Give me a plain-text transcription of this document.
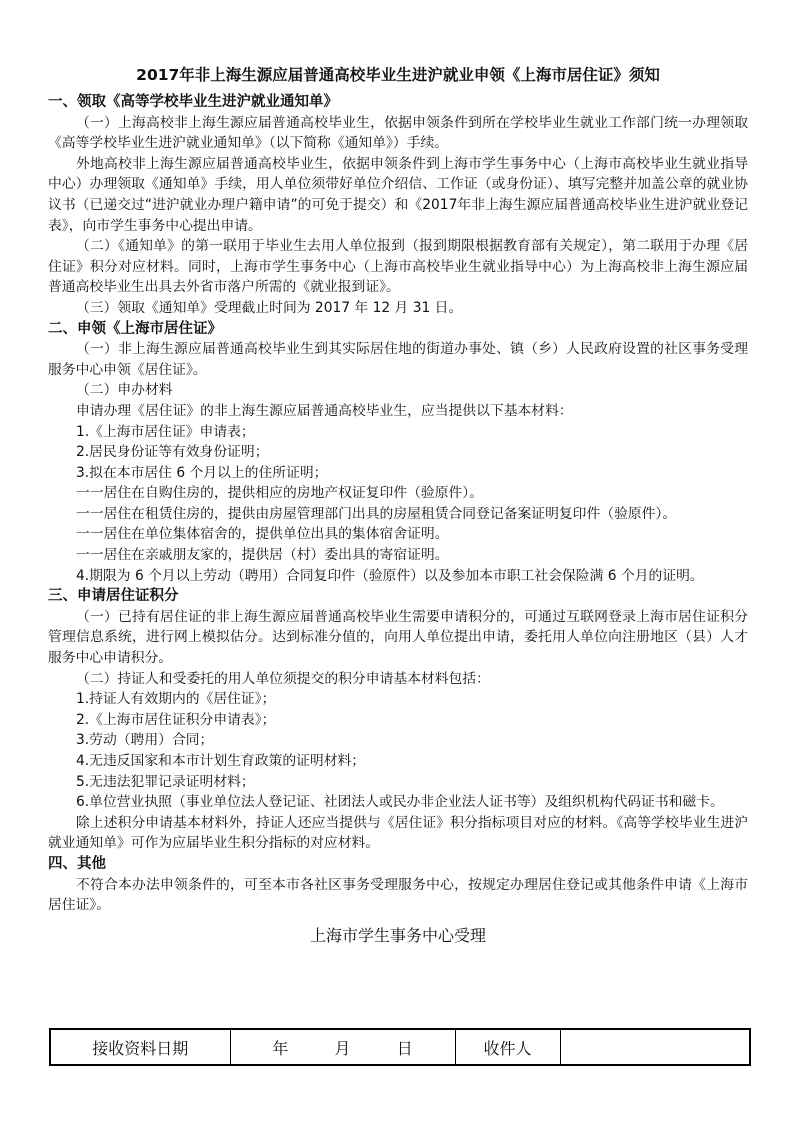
2017年非上海生源应届普通高校毕业生进沪就业申领《上海市居住证》须知
一、领取《高等学校毕业生进沪就业通知单》

（一）上海高校非上海生源应届普通高校毕业生，依据申领条件到所在学校毕业生就业工作部门统一办理领取《高等学校毕业生进沪就业通知单》（以下简称《通知单》）手续。

外地高校非上海生源应届普通高校毕业生，依据申领条件到上海市学生事务中心（上海市高校毕业生就业指导中心）办理领取《通知单》手续，用人单位须带好单位介绍信、工作证（或身份证）、填写完整并加盖公章的就业协议书（已递交过“进沪就业办理户籍申请”的可免于提交）和《2017年非上海生源应届普通高校毕业生进沪就业登记表》，向市学生事务中心提出申请。

（二）《通知单》的第一联用于毕业生去用人单位报到（报到期限根据教育部有关规定），第二联用于办理《居住证》积分对应材料。同时，上海市学生事务中心（上海市高校毕业生就业指导中心）为上海高校非上海生源应届普通高校毕业生出具去外省市落户所需的《就业报到证》。

（三）领取《通知单》受理截止时间为 2017 年 12 月 31 日。

二、申领《上海市居住证》

（一）非上海生源应届普通高校毕业生到其实际居住地的街道办事处、镇（乡）人民政府设置的社区事务受理服务中心申领《居住证》。

（二）申办材料

申请办理《居住证》的非上海生源应届普通高校毕业生，应当提供以下基本材料：

1.《上海市居住证》申请表；

2.居民身份证等有效身份证明；

3.拟在本市居住 6 个月以上的住所证明；

一一居住在自购住房的，提供相应的房地产权证复印件（验原件）。

一一居住在租赁住房的，提供由房屋管理部门出具的房屋租赁合同登记备案证明复印件（验原件）。

一一居住在单位集体宿舍的，提供单位出具的集体宿舍证明。

一一居住在亲戚朋友家的，提供居（村）委出具的寄宿证明。

4.期限为 6 个月以上劳动（聘用）合同复印件（验原件）以及参加本市职工社会保险满 6 个月的证明。

三、申请居住证积分

（一）已持有居住证的非上海生源应届普通高校毕业生需要申请积分的，可通过互联网登录上海市居住证积分管理信息系统，进行网上模拟估分。达到标准分值的，向用人单位提出申请，委托用人单位向注册地区（县）人才服务中心申请积分。

（二）持证人和受委托的用人单位须提交的积分申请基本材料包括：

1.持证人有效期内的《居住证》；

2.《上海市居住证积分申请表》；

3.劳动（聘用）合同；

4.无违反国家和本市计划生育政策的证明材料；

5.无违法犯罪记录证明材料；

6.单位营业执照（事业单位法人登记证、社团法人或民办非企业法人证书等）及组织机构代码证书和磁卡。

除上述积分申请基本材料外，持证人还应当提供与《居住证》积分指标项目对应的材料。《高等学校毕业生进沪就业通知单》可作为应届毕业生积分指标的对应材料。

四、其他

不符合本办法申领条件的，可至本市各社区事务受理服务中心，按规定办理居住登记或其他条件申请《上海市居住证》。

上海市学生事务中心受理
接收资料日期	年	月	日	收件人	
